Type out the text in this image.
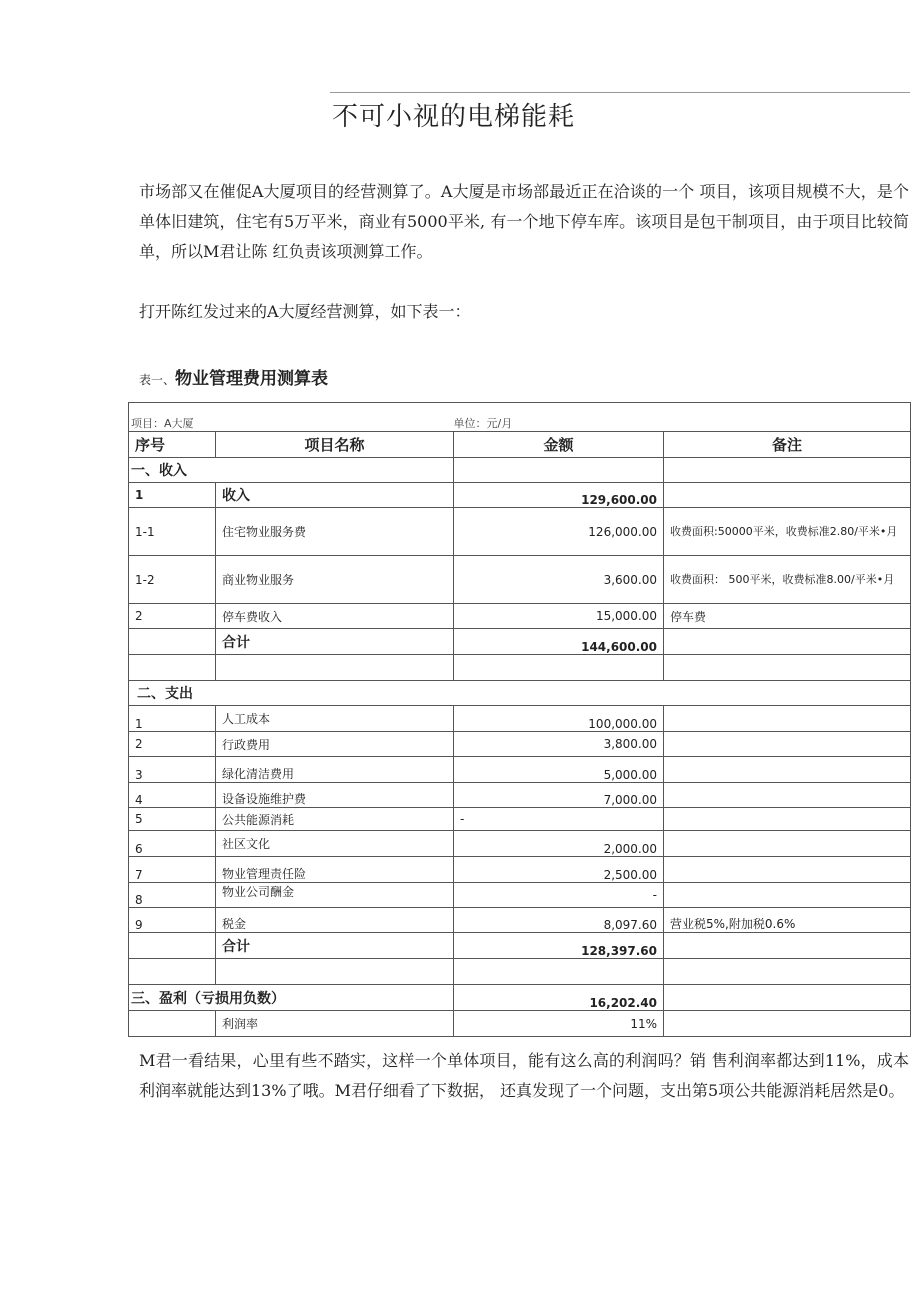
不可小视的电梯能耗
市场部又在催促A大厦项目的经营测算了。A大厦是市场部最近正在洽谈的一个 项目，该项目规模不大，是个单体旧建筑，住宅有5万平米，商业有5000平米, 有一个地下停车库。该项目是包干制项目，由于项目比较简单，所以M君让陈 红负责该项测算工作。
打开陈红发过来的A大厦经营测算，如下表一：
表一、物业管理费用测算表
项目：A大厦			单位：元/月
序号	项目名称	金额	备注
一、收入			
1	收入	129,600.00	
1-1	住宅物业服务费	126,000.00	收费面积:50000平米，收费标准2.80/平米•月
1-2	商业物业服务	3,600.00	收费面积： 500平米，收费标准8.00/平米•月
2	停车费收入	15,000.00	停车费
	合计	144,600.00	

二、支出			
1	人工成本	100,000.00	
2	行政费用	3,800.00	
3	绿化清洁费用	5,000.00	
4	设备设施维护费	7,000.00	
5	公共能源消耗	-	
6	社区文化	2,000.00	
7	物业管理责任险	2,500.00	
8	物业公司酬金	-	
9	税金	8,097.60	营业税5%,附加税0.6%
	合计	128,397.60	

三、盈利（亏损用负数）		16,202.40	
	利润率	11%	
M君一看结果，心里有些不踏实，这样一个单体项目，能有这么高的利润吗？销 售利润率都达到11%，成本利润率就能达到13%了哦。M君仔细看了下数据， 还真发现了一个问题，支出第5项公共能源消耗居然是0。
